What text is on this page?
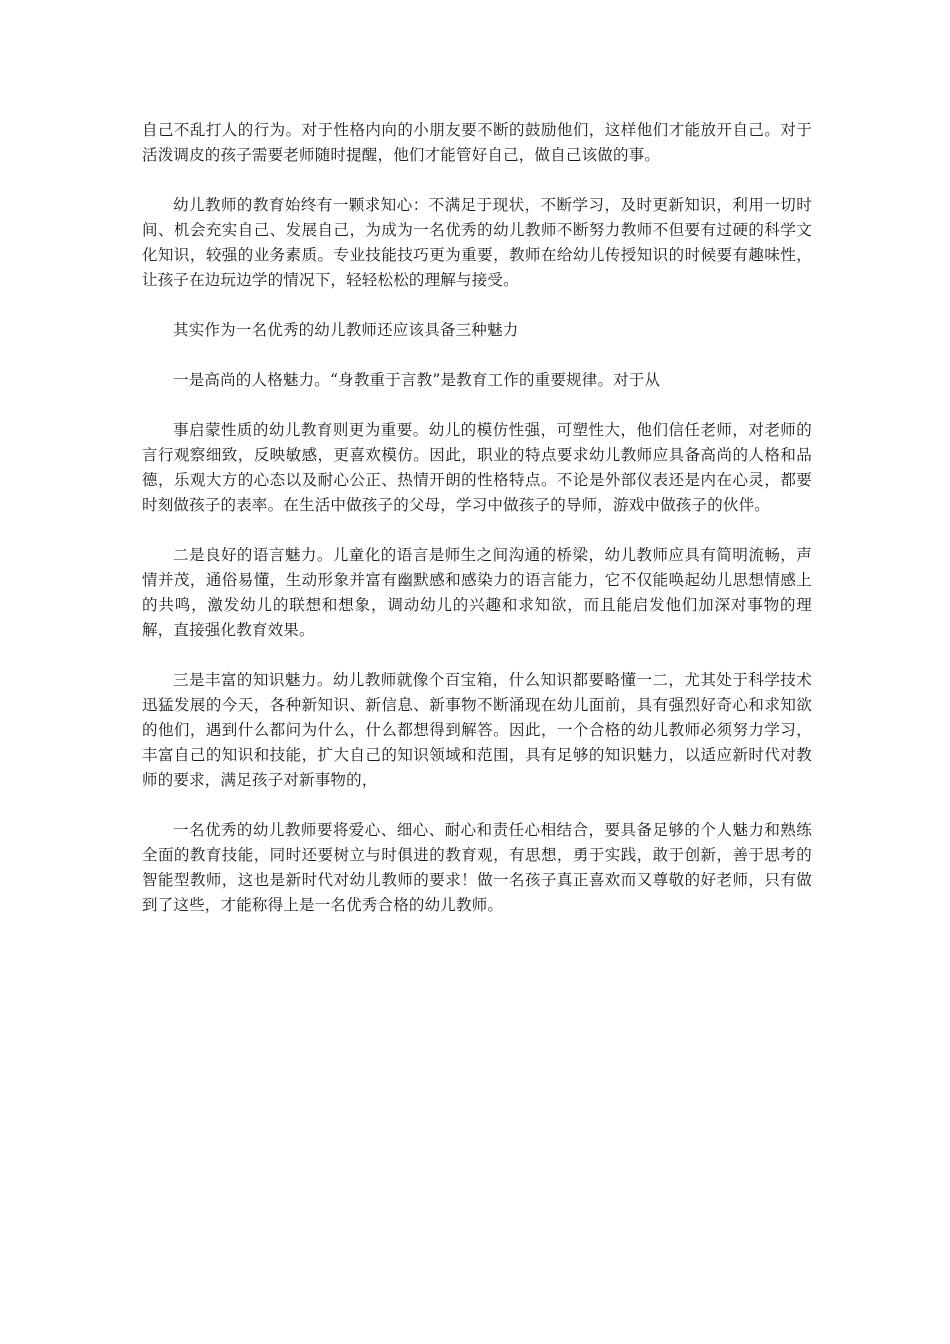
自己不乱打人的行为。对于性格内向的小朋友要不断的鼓励他们，这样他们才能放开自己。对于活泼调皮的孩子需要老师随时提醒，他们才能管好自己，做自己该做的事。

幼儿教师的教育始终有一颗求知心：不满足于现状，不断学习，及时更新知识，利用一切时间、机会充实自己、发展自己，为成为一名优秀的幼儿教师不断努力教师不但要有过硬的科学文化知识，较强的业务素质。专业技能技巧更为重要，教师在给幼儿传授知识的时候要有趣味性，让孩子在边玩边学的情况下，轻轻松松的理解与接受。

其实作为一名优秀的幼儿教师还应该具备三种魅力

一是高尚的人格魅力。“身教重于言教”是教育工作的重要规律。对于从

事启蒙性质的幼儿教育则更为重要。幼儿的模仿性强，可塑性大，他们信任老师，对老师的言行观察细致，反映敏感，更喜欢模仿。因此，职业的特点要求幼儿教师应具备高尚的人格和品德，乐观大方的心态以及耐心公正、热情开朗的性格特点。不论是外部仪表还是内在心灵，都要时刻做孩子的表率。在生活中做孩子的父母，学习中做孩子的导师，游戏中做孩子的伙伴。

二是良好的语言魅力。儿童化的语言是师生之间沟通的桥梁，幼儿教师应具有简明流畅，声情并茂，通俗易懂，生动形象并富有幽默感和感染力的语言能力，它不仅能唤起幼儿思想情感上的共鸣，激发幼儿的联想和想象，调动幼儿的兴趣和求知欲，而且能启发他们加深对事物的理解，直接强化教育效果。

三是丰富的知识魅力。幼儿教师就像个百宝箱，什么知识都要略懂一二，尤其处于科学技术迅猛发展的今天，各种新知识、新信息、新事物不断涌现在幼儿面前，具有强烈好奇心和求知欲的他们，遇到什么都问为什么，什么都想得到解答。因此，一个合格的幼儿教师必须努力学习，丰富自己的知识和技能，扩大自己的知识领域和范围，具有足够的知识魅力，以适应新时代对教师的要求，满足孩子对新事物的，

一名优秀的幼儿教师要将爱心、细心、耐心和责任心相结合，要具备足够的个人魅力和熟练全面的教育技能，同时还要树立与时俱进的教育观，有思想，勇于实践，敢于创新，善于思考的智能型教师，这也是新时代对幼儿教师的要求！做一名孩子真正喜欢而又尊敬的好老师，只有做到了这些，才能称得上是一名优秀合格的幼儿教师。
